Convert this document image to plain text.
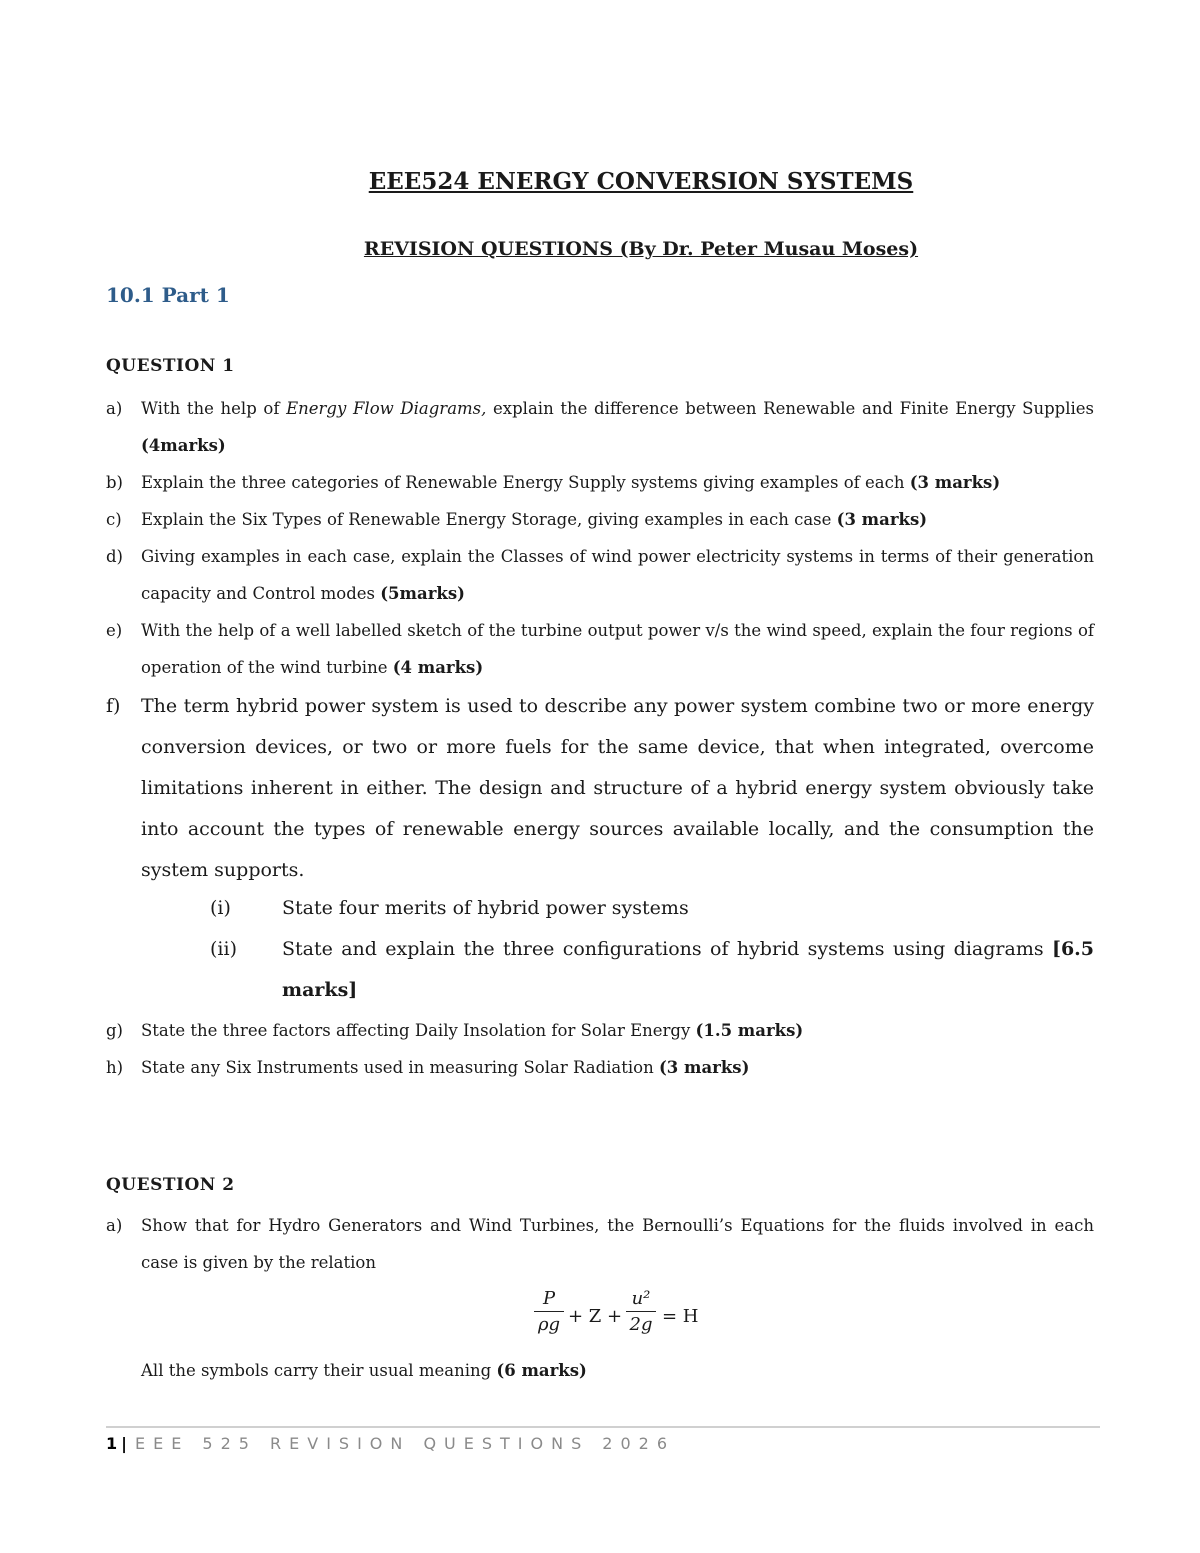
EEE524 ENERGY CONVERSION SYSTEMS
REVISION QUESTIONS (By Dr. Peter Musau Moses)
10.1 Part 1
QUESTION 1
a) With the help of Energy Flow Diagrams, explain the difference between Renewable and Finite Energy Supplies (4marks)
b) Explain the three categories of Renewable Energy Supply systems giving examples of each (3 marks)
c) Explain the Six Types of Renewable Energy Storage, giving examples in each case (3 marks)
d) Giving examples in each case, explain the Classes of wind power electricity systems in terms of their generation capacity and Control modes (5marks)
e) With the help of a well labelled sketch of the turbine output power v/s the wind speed, explain the four regions of operation of the wind turbine (4 marks)
f) The term hybrid power system is used to describe any power system combine two or more energy conversion devices, or two or more fuels for the same device, that when integrated, overcome limitations inherent in either. The design and structure of a hybrid energy system obviously take into account the types of renewable energy sources available locally, and the consumption the system supports.
(i)	State four merits of hybrid power systems
(ii) State and explain the three configurations of hybrid systems using diagrams [6.5 marks]
g) State the three factors affecting Daily Insolation for Solar Energy (1.5 marks)
h) State any Six Instruments used in measuring Solar Radiation (3 marks)
QUESTION 2
a) Show that for Hydro Generators and Wind Turbines, the Bernoulli’s Equations for the fluids involved in each case is given by the relation
$\frac{P}{\rho g} + Z + \frac{\text{u²}}{2g} = H$
All the symbols carry their usual meaning (6 marks)
1 | EEE 525 REVISION QUESTIONS 2026
